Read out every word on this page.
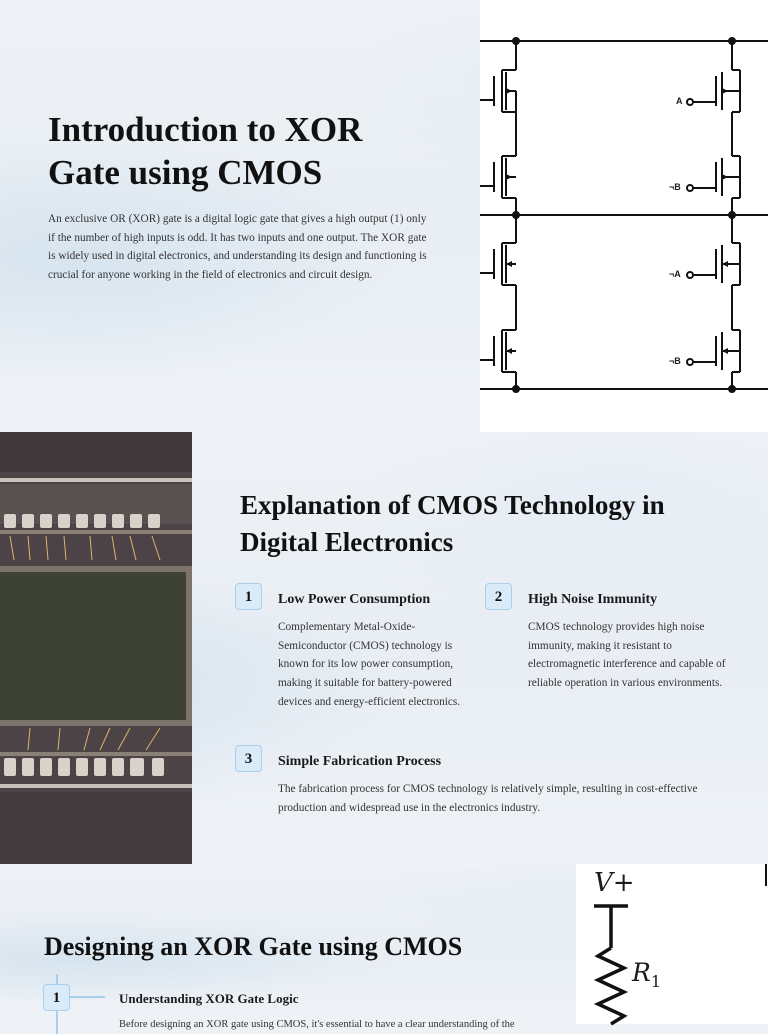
Introduction to XOR Gate using CMOS

An exclusive OR (XOR) gate is a digital logic gate that gives a high output (1) only if the number of high inputs is odd. It has two inputs and one output. The XOR gate is widely used in digital electronics, and understanding its design and functioning is crucial for anyone working in the field of electronics and circuit design.

A
¬B
¬A
¬B
Explanation of CMOS Technology in Digital Electronics
1	Low Power Consumption
Complementary Metal-Oxide-Semiconductor (CMOS) technology is known for its low power consumption, making it suitable for battery-powered devices and energy-efficient electronics.
2	High Noise Immunity
CMOS technology provides high noise immunity, making it resistant to electromagnetic interference and capable of reliable operation in various environments.
3	Simple Fabrication Process
The fabrication process for CMOS technology is relatively simple, resulting in cost-effective production and widespread use in the electronics industry.
Designing an XOR Gate using CMOS
1	Understanding XOR Gate Logic
Before designing an XOR gate using CMOS, it's essential to have a clear understanding of the
V+
$R_1$
